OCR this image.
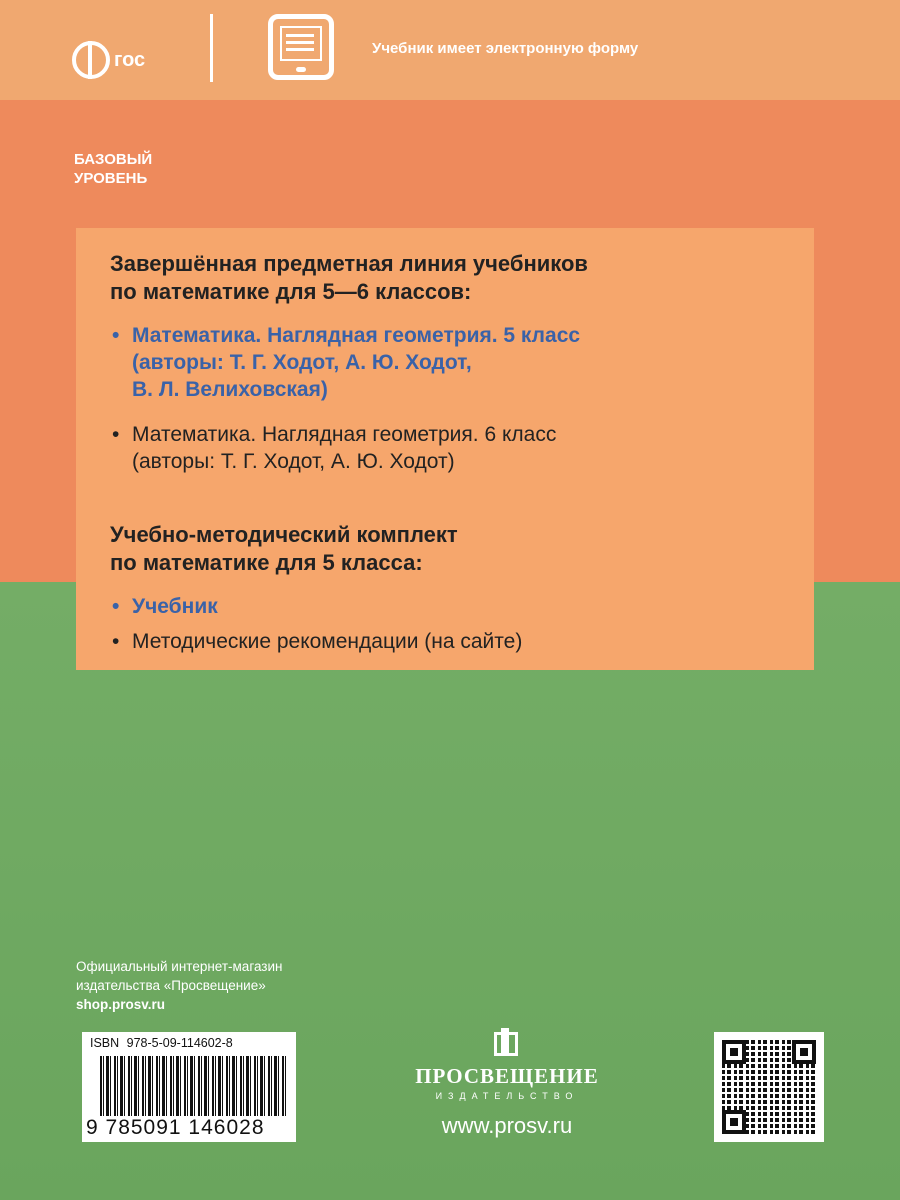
гос	Учебник имеет электронную форму
БАЗОВЫЙ УРОВЕНЬ

Завершённая предметная линия учебников
по математике для 5—6 классов:

• Математика. Наглядная геометрия. 5 класс
(авторы: Т. Г. Ходот, А. Ю. Ходот,
В. Л. Велиховская)
• Математика. Наглядная геометрия. 6 класс
(авторы: Т. Г. Ходот, А. Ю. Ходот)

Учебно-методический комплект
по математике для 5 класса:

• Учебник
• Методические рекомендации (на сайте)
Официальный интернет-магазин
издательства «Просвещение»
shop.prosv.ru
ISBN 978-5-09-114602-8
9 785091 146028
ПРОСВЕЩЕНИЕ
ИЗДАТЕЛЬСТВО
www.prosv.ru
